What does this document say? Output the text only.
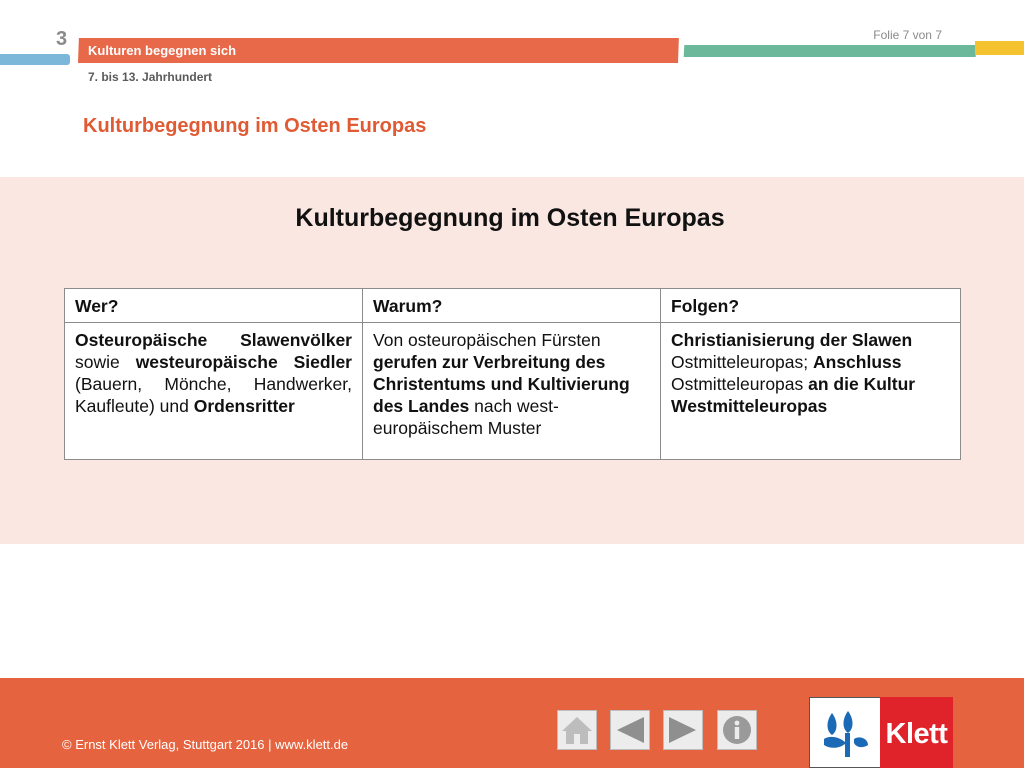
3	Folie 7 von 7
Kulturen begegnen sich
7. bis 13. Jahrhundert
Kulturbegegnung im Osten Europas
Kulturbegegnung im Osten Europas
Wer?	Warum?	Folgen?
Osteuropäische Slawenvölker sowie westeuropäische Siedler (Bauern, Mönche, Handwerker, Kaufleute) und Ordensritter	Von osteuropäischen Fürsten gerufen zur Verbreitung des Christentums und Kultivierung des Landes nach west-europäischem Muster	Christianisierung der Slawen Ostmitteleuropas; Anschluss Ostmitteleuropas an die Kultur Westmitteleuropas
© Ernst Klett Verlag, Stuttgart 2016 | www.klett.de	Klett
